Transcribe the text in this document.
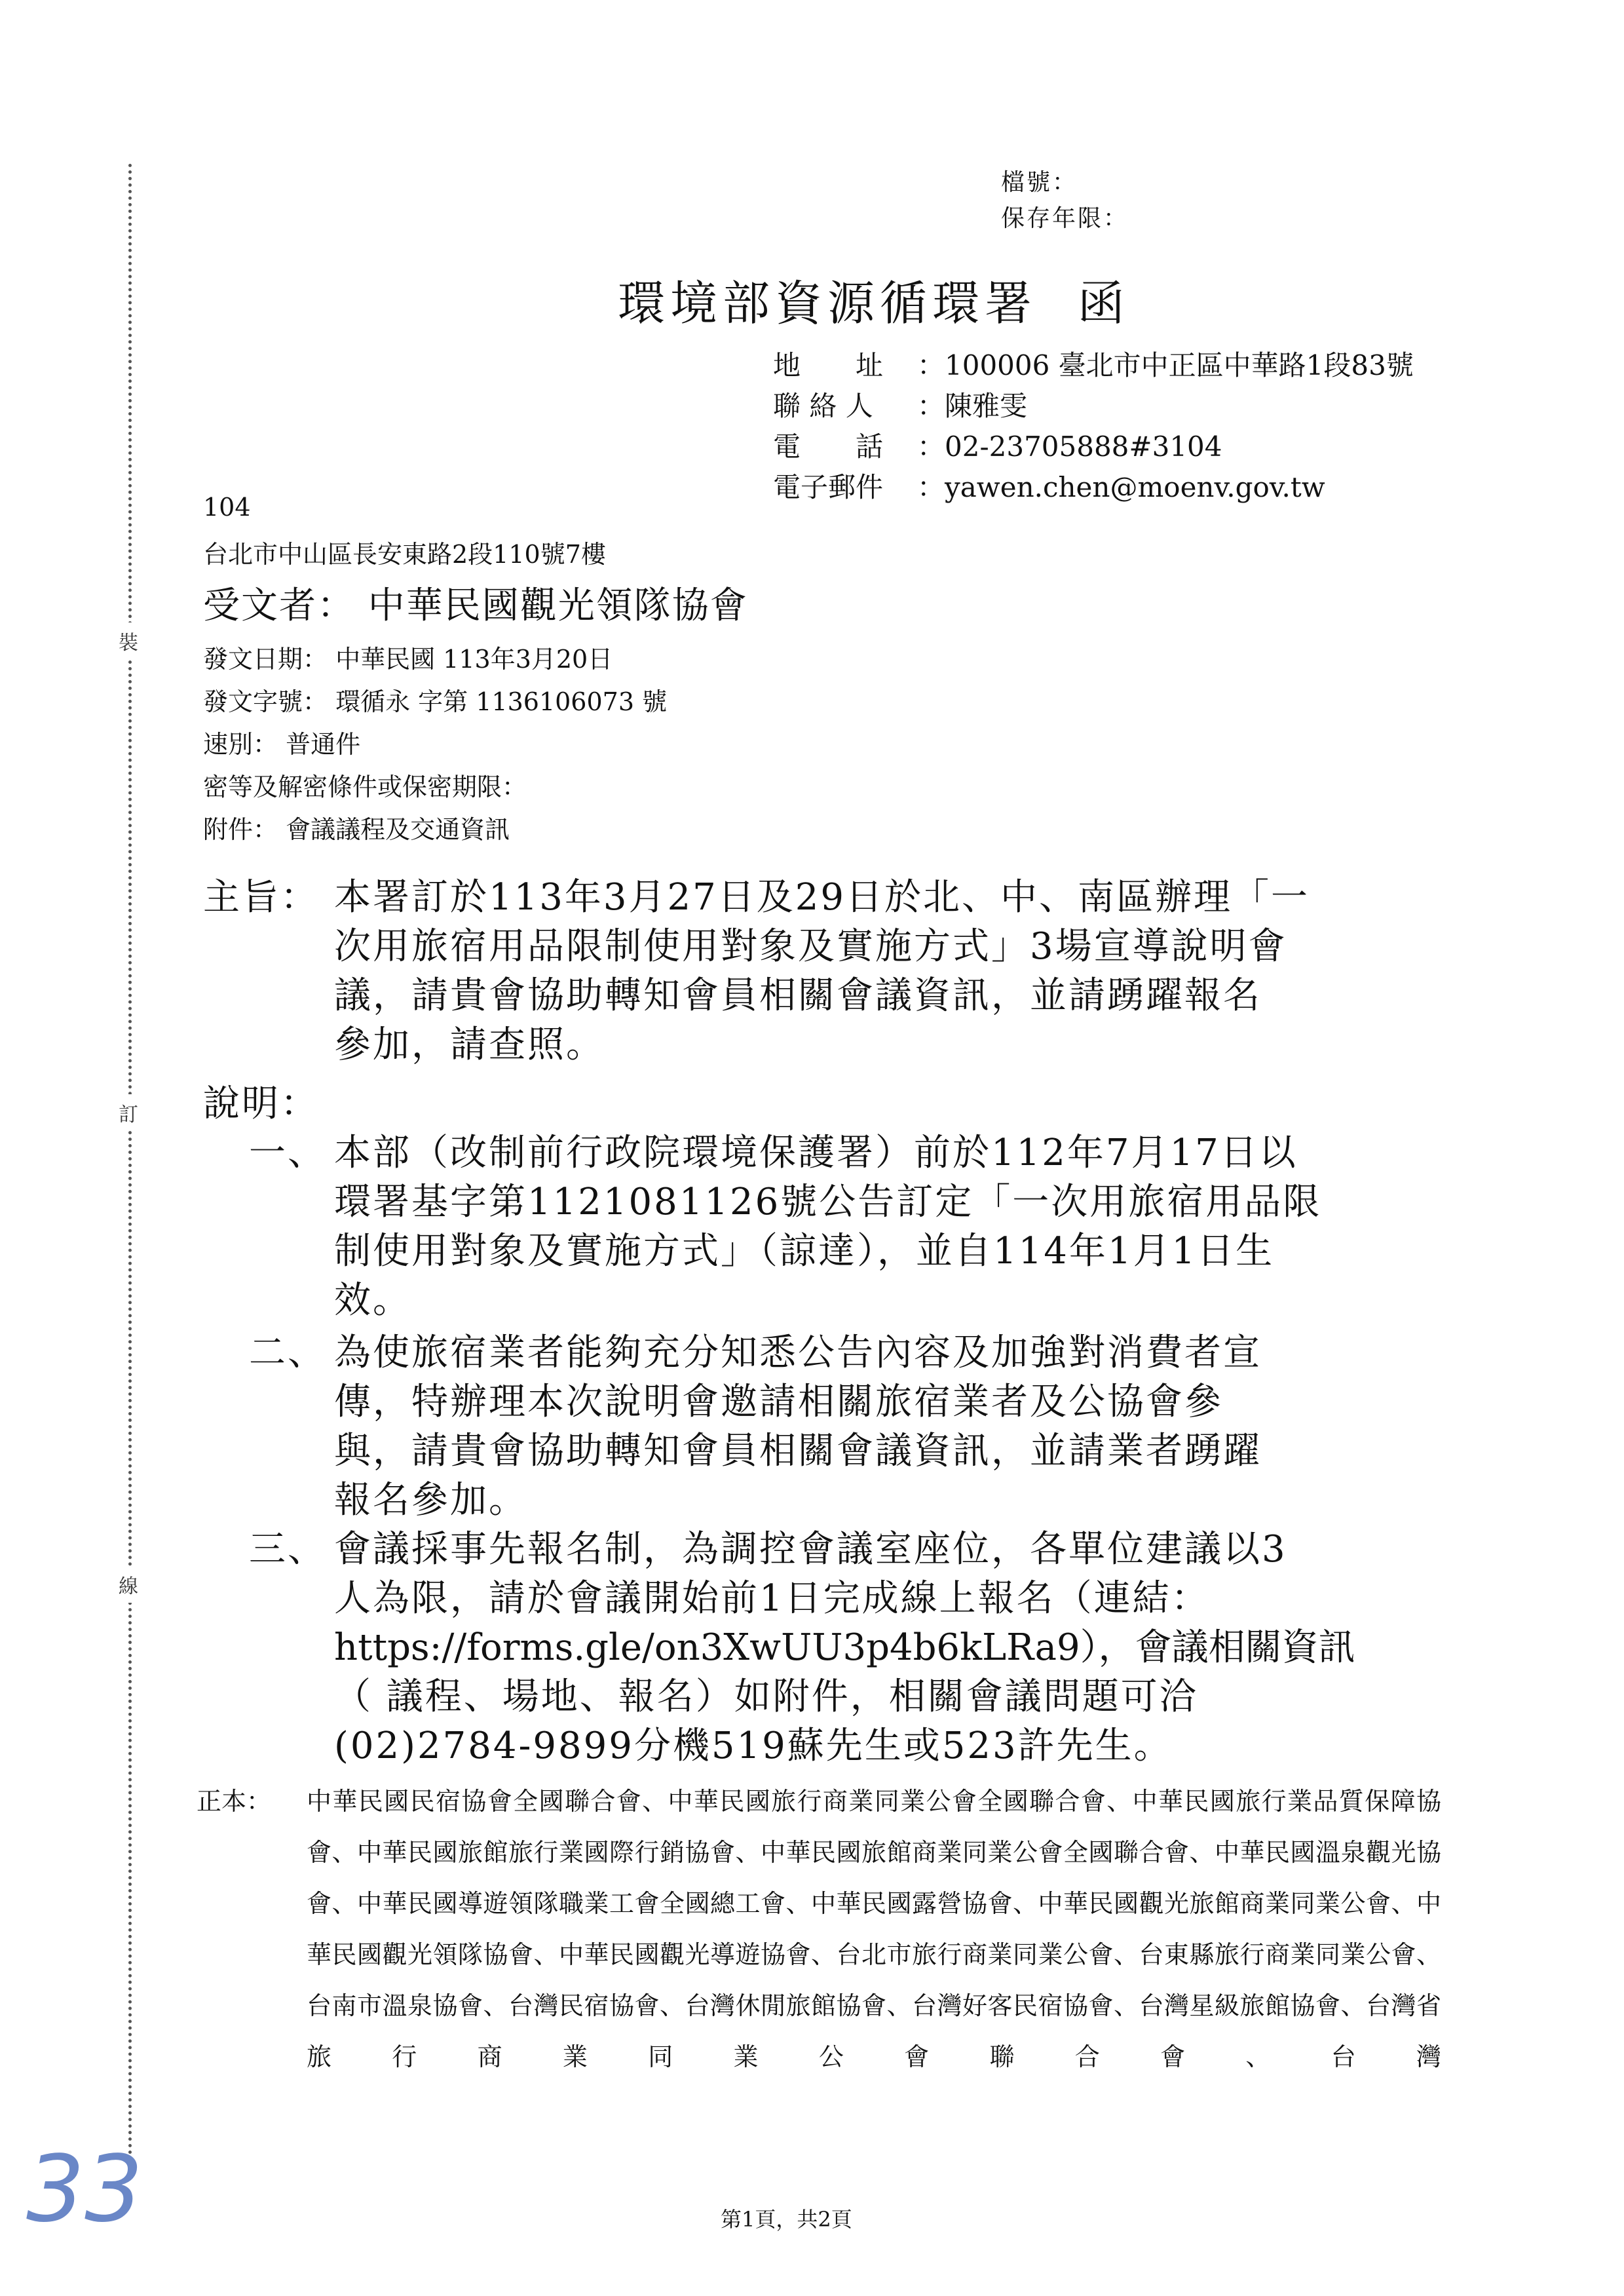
裝
訂
線
檔號：
保存年限：
環境部資源循環署  函
地　　址 ：100006 臺北市中正區中華路1段83號
聯 絡 人 ：陳雅雯
電　　話 ：02-23705888#3104
電子郵件 ：yawen.chen@moenv.gov.tw
104
台北市中山區長安東路2段110號7樓
受文者： 中華民國觀光領隊協會
發文日期： 中華民國 113年3月20日
發文字號： 環循永 字第 1136106073 號
速別： 普通件
密等及解密條件或保密期限：
附件： 會議議程及交通資訊
主旨： 本署訂於113年3月27日及29日於北、中、南區辦理「一
次用旅宿用品限制使用對象及實施方式」3場宣導說明會
議，請貴會協助轉知會員相關會議資訊，並請踴躍報名
參加，請查照。
說明：
一、 本部（改制前行政院環境保護署）前於112年7月17日以
環署基字第1121081126號公告訂定「一次用旅宿用品限
制使用對象及實施方式」（諒達），並自114年1月1日生
效。
二、 為使旅宿業者能夠充分知悉公告內容及加強對消費者宣
傳，特辦理本次說明會邀請相關旅宿業者及公協會參
與，請貴會協助轉知會員相關會議資訊，並請業者踴躍
報名參加。
三、 會議採事先報名制，為調控會議室座位，各單位建議以3
人為限，請於會議開始前1日完成線上報名（連結：
https://forms.gle/on3XwUU3p4b6kLRa9），會議相關資訊
（ 議程、場地、報名）如附件，相關會議問題可洽
(02)2784-9899分機519蘇先生或523許先生。
正本： 中華民國民宿協會全國聯合會、中華民國旅行商業同業公會全國聯合會、中華民國旅行業品質保障協會、中華民國旅館旅行業國際行銷協會、中華民國旅館商業同業公會全國聯合會、中華民國溫泉觀光協會、中華民國導遊領隊職業工會全國總工會、中華民國露營協會、中華民國觀光旅館商業同業公會、中華民國觀光領隊協會、中華民國觀光導遊協會、台北市旅行商業同業公會、台東縣旅行商業同業公會、台南市溫泉協會、台灣民宿協會、台灣休閒旅館協會、台灣好客民宿協會、台灣星級旅館協會、台灣省旅行商業同業公會聯合會、台灣
33	第1頁，共2頁
